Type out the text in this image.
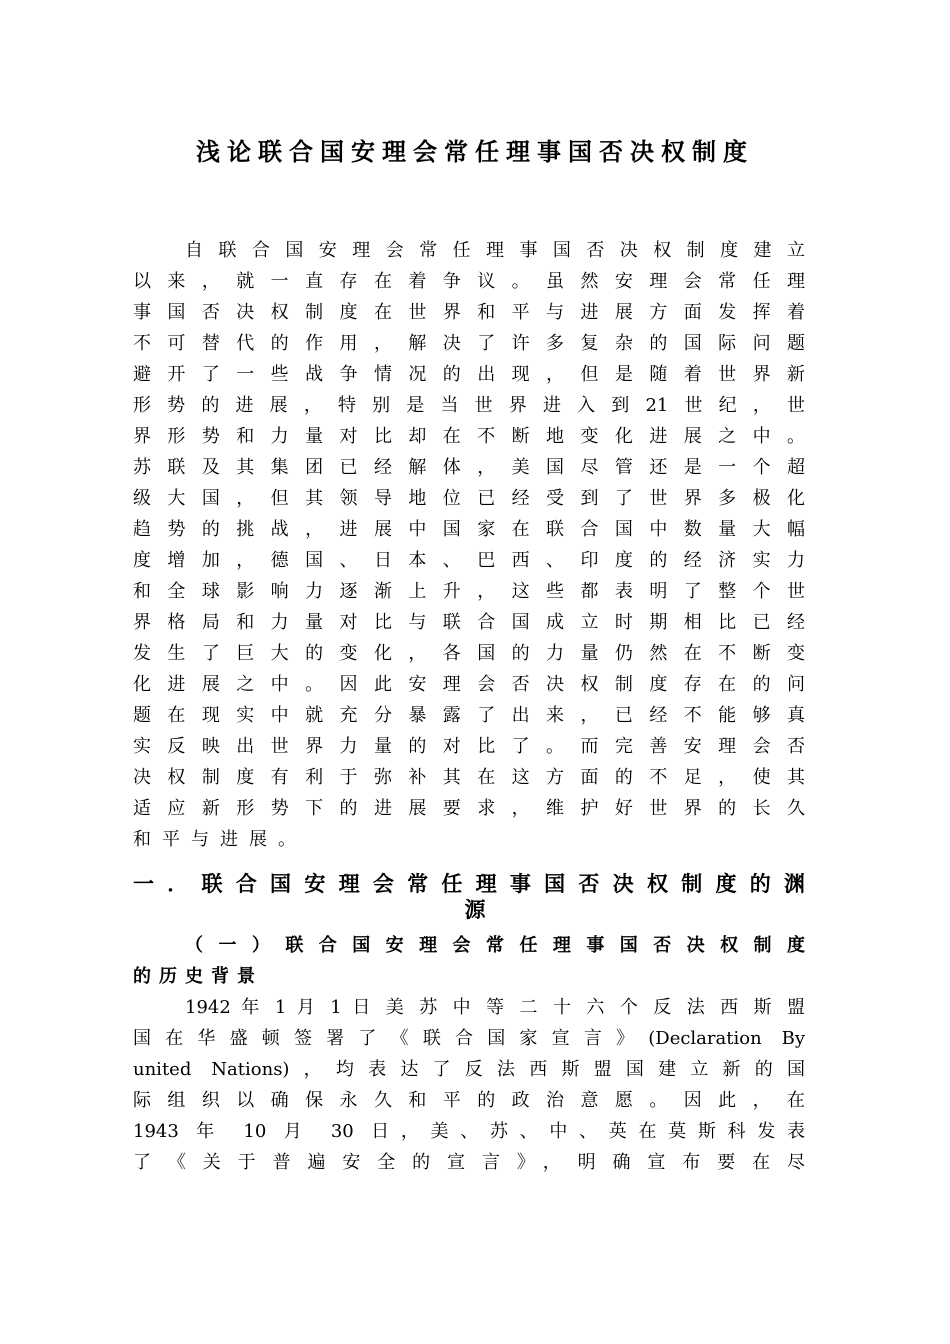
浅论联合国安理会常任理事国否决权制度

自联合国安理会常任理事国否决权制度建立

以来，就一直存在着争议。虽然安理会常任理

事国否决权制度在世界和平与进展方面发挥着

不可替代的作用，解决了许多复杂的国际问题

避开了一些战争情况的出现，但是随着世界新

形势的进展，特别是当世界进入到21世纪，世

界形势和力量对比却在不断地变化进展之中。

苏联及其集团已经解体，美国尽管还是一个超

级大国，但其领导地位已经受到了世界多极化

趋势的挑战，进展中国家在联合国中数量大幅

度增加，德国、日本、巴西、印度的经济实力

和全球影响力逐渐上升，这些都表明了整个世

界格局和力量对比与联合国成立时期相比已经

发生了巨大的变化，各国的力量仍然在不断变

化进展之中。因此安理会否决权制度存在的问

题在现实中就充分暴露了出来，已经不能够真

实反映出世界力量的对比了。而完善安理会否

决权制度有利于弥补其在这方面的不足，使其

适应新形势下的进展要求，维护好世界的长久

和平与进展。

一．联合国安理会常任理事国否决权制度的渊
源
（一）联合国安理会常任理事国否决权制度
的历史背景

1942 年 1 月 1 日 美 苏 中 等 二 十 六 个 反 法 西 斯 盟

国在华盛顿签署了《联合国家宣言》(Declaration By

united Nations)，均表达了反法西斯盟国建立新的国

际组织以确保永久和平的政治意愿。因此，在

1943 年 10 月 30 日，美、苏、中、英在莫斯科发表

了《关于普遍安全的宣言》，明确宣布要在尽
